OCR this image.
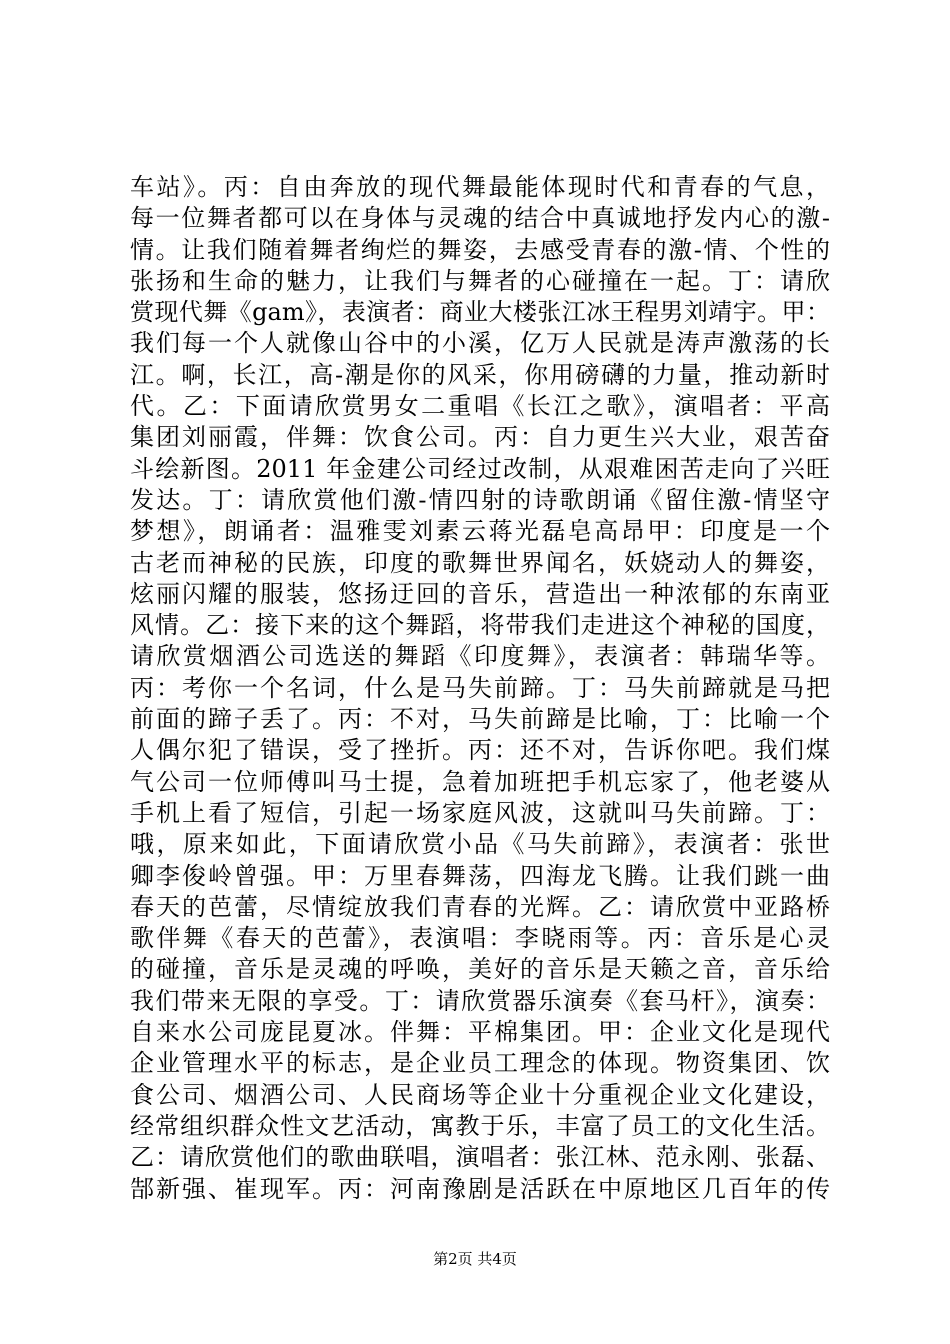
车站》。丙：自由奔放的现代舞最能体现时代和青春的气息，
每一位舞者都可以在身体与灵魂的结合中真诚地抒发内心的激-
情。让我们随着舞者绚烂的舞姿，去感受青春的激-情、个性的
张扬和生命的魅力，让我们与舞者的心碰撞在一起。丁：请欣
赏现代舞《gam》，表演者：商业大楼张江冰王程男刘靖宇。甲：
我们每一个人就像山谷中的小溪，亿万人民就是涛声激荡的长
江。啊，长江，高-潮是你的风采，你用磅礴的力量，推动新时
代。乙：下面请欣赏男女二重唱《长江之歌》，演唱者：平高
集团刘丽霞，伴舞：饮食公司。丙：自力更生兴大业，艰苦奋
斗绘新图。2011 年金建公司经过改制，从艰难困苦走向了兴旺
发达。丁：请欣赏他们激-情四射的诗歌朗诵《留住激-情坚守
梦想》，朗诵者：温雅雯刘素云蒋光磊皂高昂甲：印度是一个
古老而神秘的民族，印度的歌舞世界闻名，妖娆动人的舞姿，
炫丽闪耀的服装，悠扬迂回的音乐，营造出一种浓郁的东南亚
风情。乙：接下来的这个舞蹈，将带我们走进这个神秘的国度，
请欣赏烟酒公司选送的舞蹈《印度舞》，表演者：韩瑞华等。
丙：考你一个名词，什么是马失前蹄。丁：马失前蹄就是马把
前面的蹄子丢了。丙：不对，马失前蹄是比喻，丁：比喻一个
人偶尔犯了错误，受了挫折。丙：还不对，告诉你吧。我们煤
气公司一位师傅叫马士提，急着加班把手机忘家了，他老婆从
手机上看了短信，引起一场家庭风波，这就叫马失前蹄。丁：
哦，原来如此，下面请欣赏小品《马失前蹄》，表演者：张世
卿李俊岭曾强。甲：万里春舞荡，四海龙飞腾。让我们跳一曲
春天的芭蕾，尽情绽放我们青春的光辉。乙：请欣赏中亚路桥
歌伴舞《春天的芭蕾》，表演唱：李晓雨等。丙：音乐是心灵
的碰撞，音乐是灵魂的呼唤，美好的音乐是天籁之音，音乐给
我们带来无限的享受。丁：请欣赏器乐演奏《套马杆》，演奏：
自来水公司庞昆夏冰。伴舞：平棉集团。甲：企业文化是现代
企业管理水平的标志，是企业员工理念的体现。物资集团、饮
食公司、烟酒公司、人民商场等企业十分重视企业文化建设，
经常组织群众性文艺活动，寓教于乐，丰富了员工的文化生活。
乙：请欣赏他们的歌曲联唱，演唱者：张江林、范永刚、张磊、
郜新强、崔现军。丙：河南豫剧是活跃在中原地区几百年的传
第2页 共4页
